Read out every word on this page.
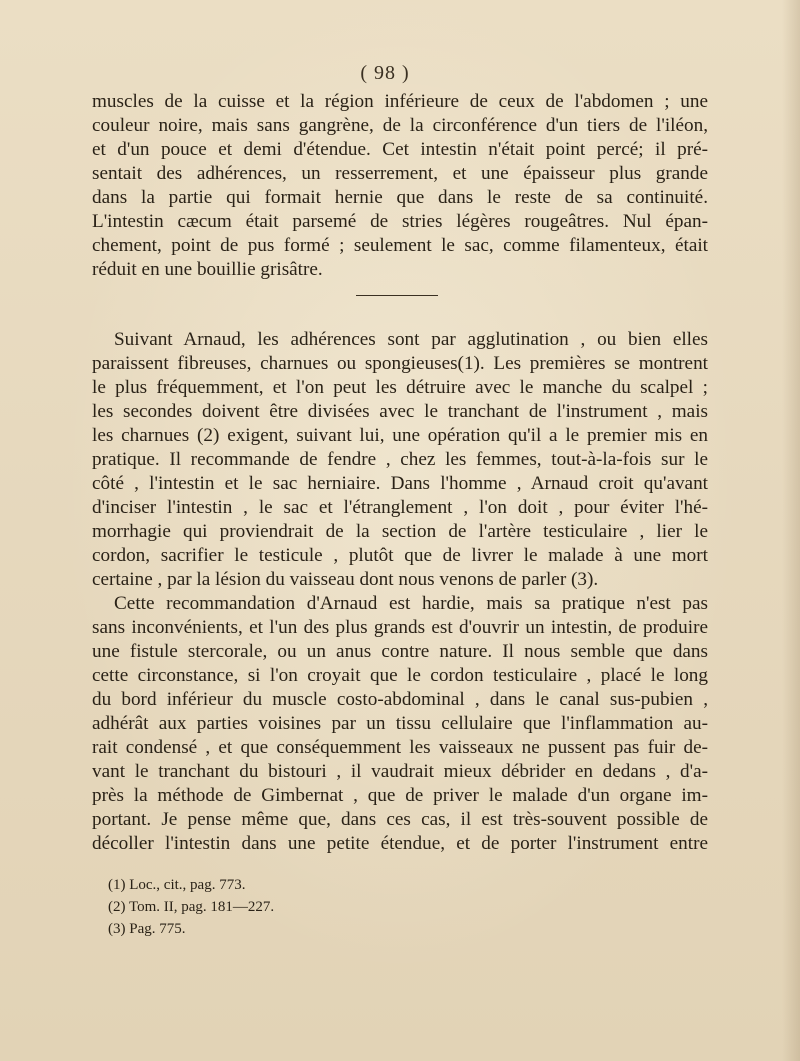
( 98 )
muscles de la cuisse et la région inférieure de ceux de l'abdomen ; une
couleur noire, mais sans gangrène, de la circonférence d'un tiers de l'iléon,
et d'un pouce et demi d'étendue. Cet intestin n'était point percé; il pré-
sentait des adhérences, un resserrement, et une épaisseur plus grande
dans la partie qui formait hernie que dans le reste de sa continuité.
L'intestin cæcum était parsemé de stries légères rougeâtres. Nul épan-
chement, point de pus formé ; seulement le sac, comme filamenteux, était
réduit en une bouillie grisâtre.
Suivant Arnaud, les adhérences sont par agglutination , ou bien elles
paraissent fibreuses, charnues ou spongieuses(1). Les premières se montrent
le plus fréquemment, et l'on peut les détruire avec le manche du scalpel ;
les secondes doivent être divisées avec le tranchant de l'instrument , mais
les charnues (2) exigent, suivant lui, une opération qu'il a le premier mis en
pratique. Il recommande de fendre , chez les femmes, tout-à-la-fois sur le
côté , l'intestin et le sac herniaire. Dans l'homme , Arnaud croit qu'avant
d'inciser l'intestin , le sac et l'étranglement , l'on doit , pour éviter l'hé-
morrhagie qui proviendrait de la section de l'artère testiculaire , lier le
cordon, sacrifier le testicule , plutôt que de livrer le malade à une mort
certaine , par la lésion du vaisseau dont nous venons de parler (3).
Cette recommandation d'Arnaud est hardie, mais sa pratique n'est pas
sans inconvénients, et l'un des plus grands est d'ouvrir un intestin, de produire
une fistule stercorale, ou un anus contre nature. Il nous semble que dans
cette circonstance, si l'on croyait que le cordon testiculaire , placé le long
du bord inférieur du muscle costo-abdominal , dans le canal sus-pubien ,
adhérât aux parties voisines par un tissu cellulaire que l'inflammation au-
rait condensé , et que conséquemment les vaisseaux ne pussent pas fuir de-
vant le tranchant du bistouri , il vaudrait mieux débrider en dedans , d'a-
près la méthode de Gimbernat , que de priver le malade d'un organe im-
portant. Je pense même que, dans ces cas, il est très-souvent possible de
décoller l'intestin dans une petite étendue, et de porter l'instrument entre
(1) Loc., cit., pag. 773.
(2) Tom. II, pag. 181—227.
(3) Pag. 775.
